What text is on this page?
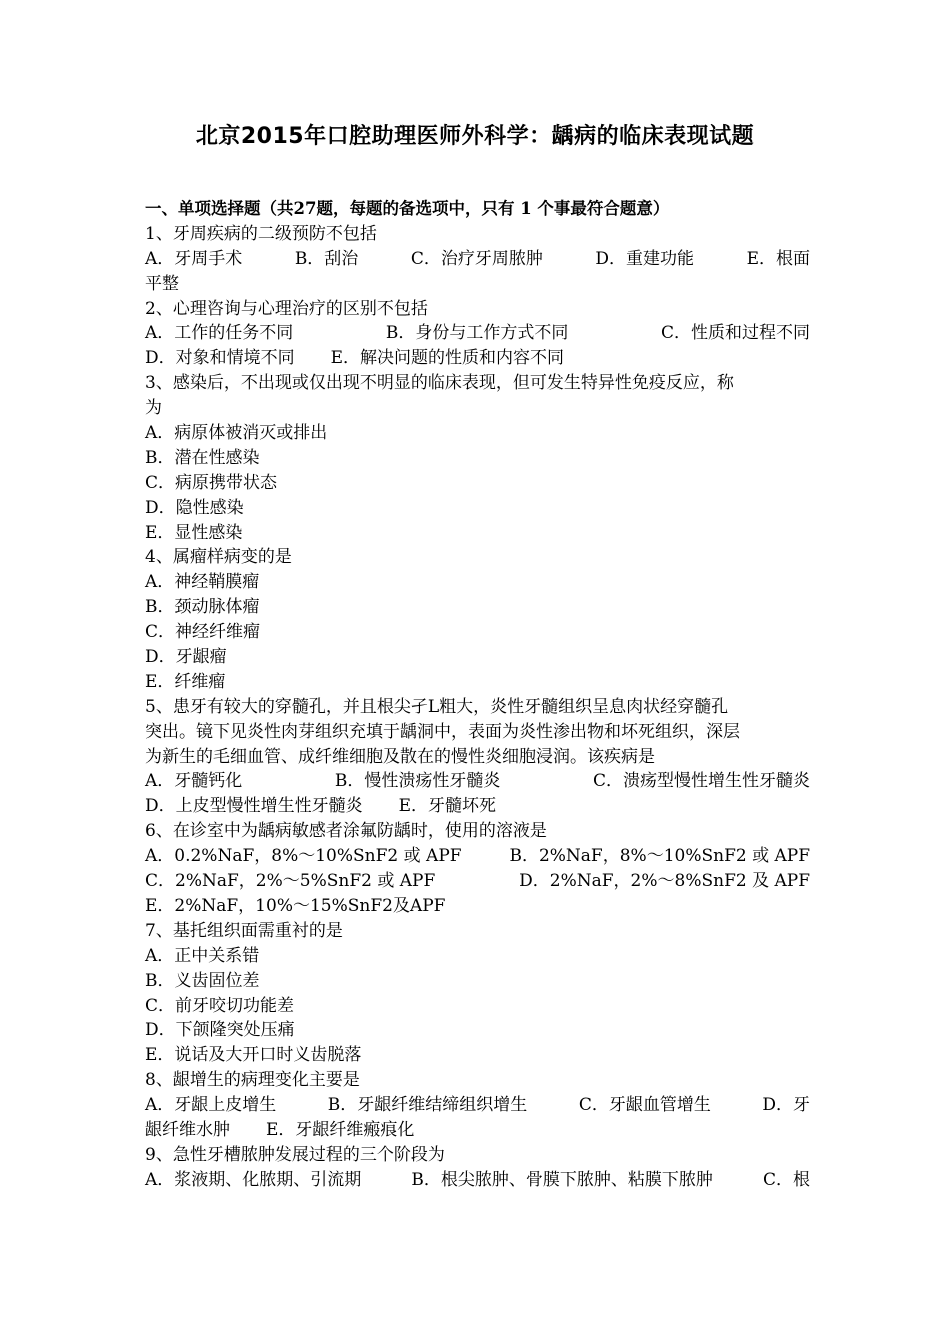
北京2015年口腔助理医师外科学：龋病的临床表现试题
一、单项选择题（共27题，每题的备选项中，只有 1 个事最符合题意）
1、牙周疾病的二级预防不包括
A．牙周手术	B．刮治	C．治疗牙周脓肿	D．重建功能	E．根面
平整
2、心理咨询与心理治疗的区别不包括
A．工作的任务不同	B．身份与工作方式不同	C．性质和过程不同
D．对象和情境不同 E．解决问题的性质和内容不同
3、感染后，不出现或仅出现不明显的临床表现，但可发生特异性免疫反应，称
为
A．病原体被消灭或排出
B．潜在性感染
C．病原携带状态
D．隐性感染
E．显性感染
4、属瘤样病变的是
A．神经鞘膜瘤
B．颈动脉体瘤
C．神经纤维瘤
D．牙龈瘤
E．纤维瘤
5、患牙有较大的穿髓孔，并且根尖孑L粗大，炎性牙髓组织呈息肉状经穿髓孔
突出。镜下见炎性肉芽组织充填于龋洞中，表面为炎性渗出物和坏死组织，深层
为新生的毛细血管、成纤维细胞及散在的慢性炎细胞浸润。该疾病是
A．牙髓钙化	B．慢性溃疡性牙髓炎	C．溃疡型慢性增生性牙髓炎
D．上皮型慢性增生性牙髓炎 E．牙髓坏死
6、在诊室中为龋病敏感者涂氟防龋时，使用的溶液是
A．0.2%NaF，8%～10%SnF2 或 APF	B．2%NaF，8%～10%SnF2 或 APF
C．2%NaF，2%～5%SnF2 或 APF	D．2%NaF，2%～8%SnF2 及 APF
E．2%NaF，10%～15%SnF2及APF
7、基托组织面需重衬的是
A．正中关系错
B．义齿固位差
C．前牙咬切功能差
D．下颌隆突处压痛
E．说话及大开口时义齿脱落
8、龈增生的病理变化主要是
A．牙龈上皮增生	B．牙龈纤维结缔组织增生	C．牙龈血管增生	D．牙
龈纤维水肿 E．牙龈纤维瘢痕化
9、急性牙槽脓肿发展过程的三个阶段为
A．浆液期、化脓期、引流期	B．根尖脓肿、骨膜下脓肿、粘膜下脓肿	C．根
